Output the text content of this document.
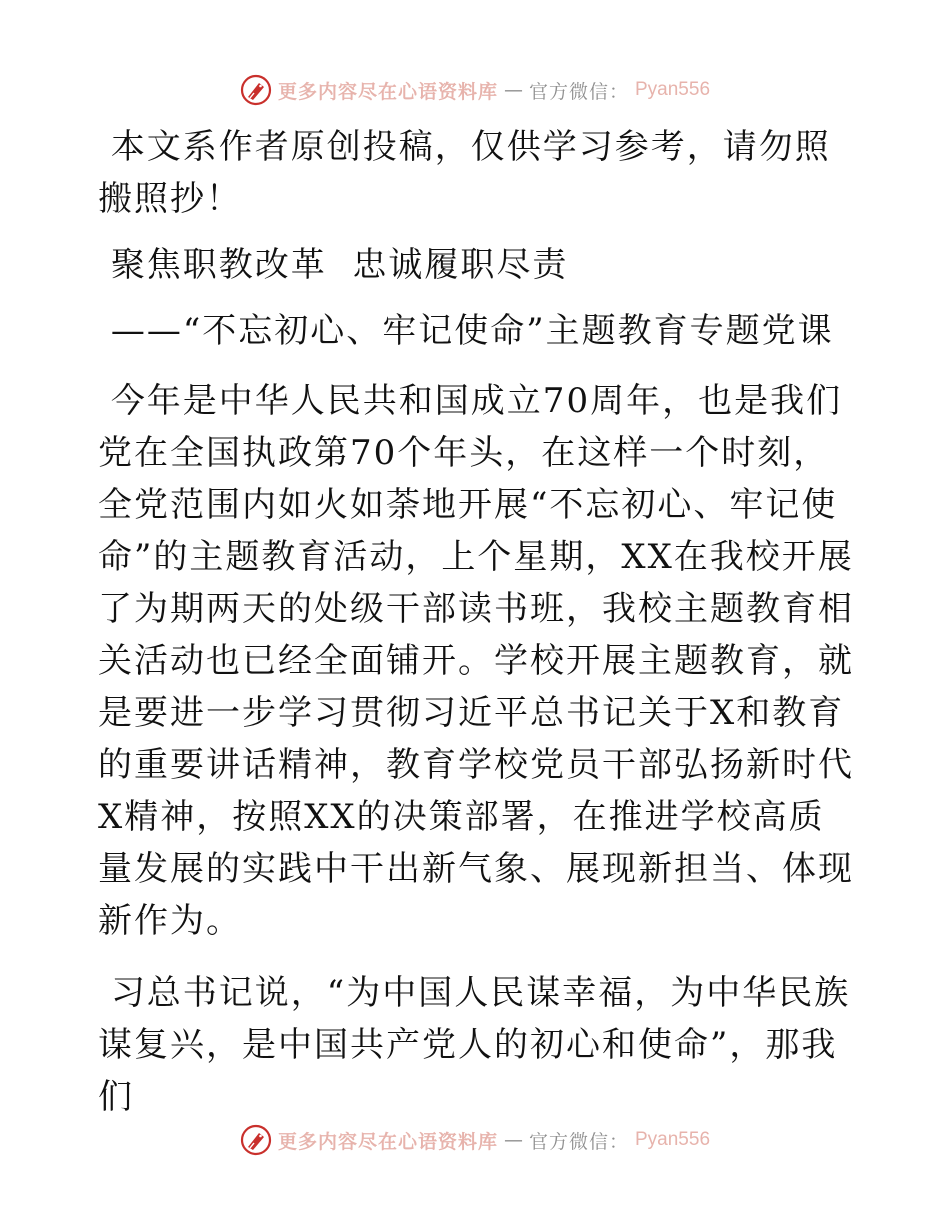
更多内容尽在心语资料库 — 官方微信： Pyan556

本文系作者原创投稿，仅供学习参考，请勿照搬照抄！

聚焦职教改革  忠诚履职尽责

——“不忘初心、牢记使命”主题教育专题党课

今年是中华人民共和国成立70周年，也是我们党在全国执政第70个年头，在这样一个时刻，全党范围内如火如荼地开展“不忘初心、牢记使命”的主题教育活动，上个星期，XX在我校开展了为期两天的处级干部读书班，我校主题教育相关活动也已经全面铺开。学校开展主题教育，就是要进一步学习贯彻习近平总书记关于X和教育的重要讲话精神，教育学校党员干部弘扬新时代X精神，按照XX的决策部署，在推进学校高质量发展的实践中干出新气象、展现新担当、体现新作为。

习总书记说，“为中国人民谋幸福，为中华民族谋复兴，是中国共产党人的初心和使命”，那我们

更多内容尽在心语资料库 — 官方微信： Pyan556
